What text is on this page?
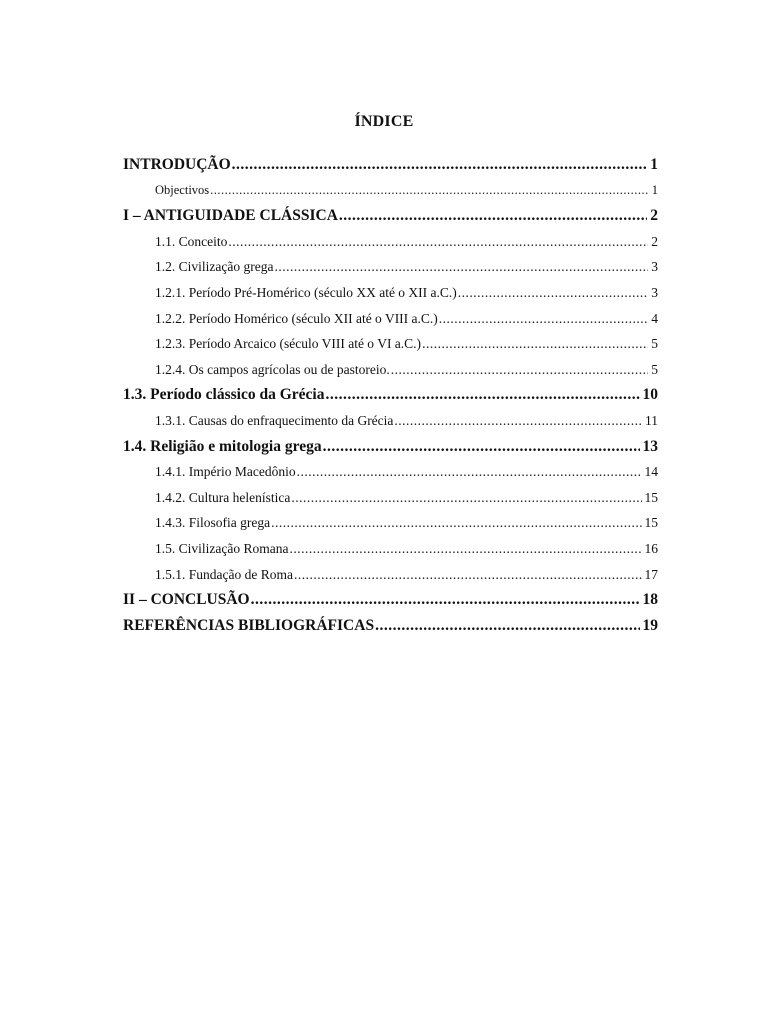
ÍNDICE
INTRODUÇÃO .....	1
Objectivos .....	1
I – ANTIGUIDADE CLÁSSICA .....	2
1.1. Conceito .....	2
1.2. Civilização grega .....	3
1.2.1. Período Pré-Homérico (século XX até o XII a.C.) .....	3
1.2.2. Período Homérico (século XII até o VIII a.C.) .....	4
1.2.3. Período Arcaico (século VIII até o VI a.C.) .....	5
1.2.4. Os campos agrícolas ou de pastoreio. .....	5
1.3. Período clássico da Grécia .....	10
1.3.1. Causas do enfraquecimento da Grécia .....	11
1.4. Religião e mitologia grega .....	13
1.4.1. Império Macedônio .....	14
1.4.2. Cultura helenística .....	15
1.4.3. Filosofia grega .....	15
1.5. Civilização Romana .....	16
1.5.1. Fundação de Roma .....	17
II – CONCLUSÃO .....	18
REFERÊNCIAS BIBLIOGRÁFICAS .....	19
